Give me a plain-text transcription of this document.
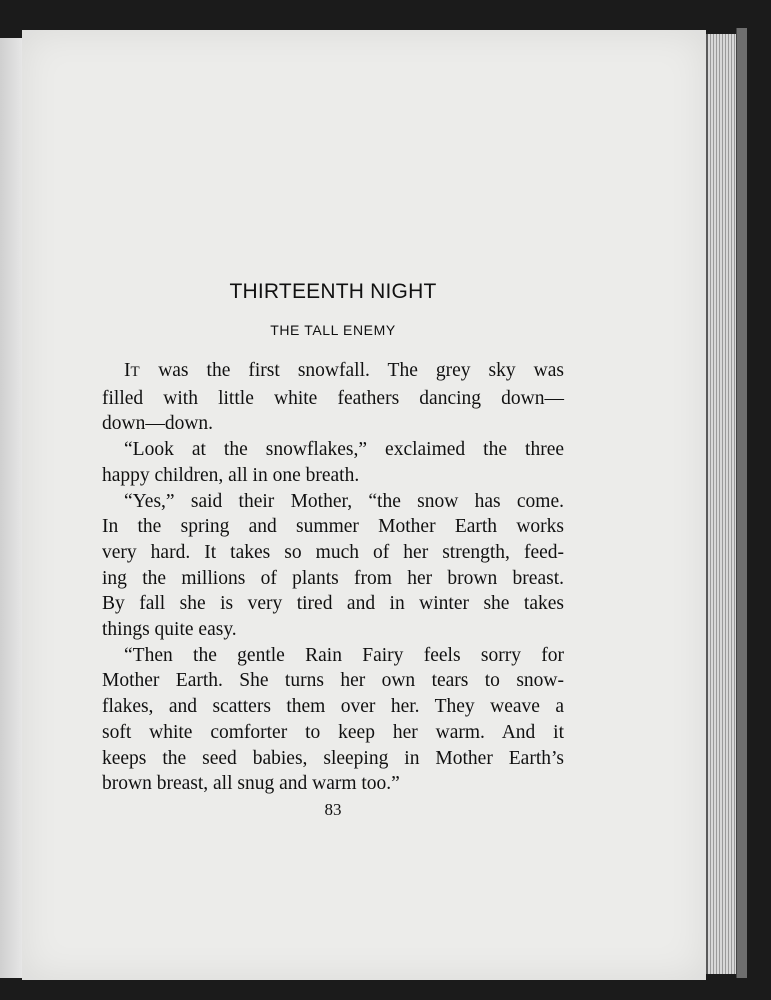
THIRTEENTH NIGHT
THE TALL ENEMY
IT was the first snowfall. The grey sky was
filled with little white feathers dancing down—
down—down.
“Look at the snowflakes,” exclaimed the three
happy children, all in one breath.
“Yes,” said their Mother, “the snow has come.
In the spring and summer Mother Earth works
very hard. It takes so much of her strength, feed-
ing the millions of plants from her brown breast.
By fall she is very tired and in winter she takes
things quite easy.
“Then the gentle Rain Fairy feels sorry for
Mother Earth. She turns her own tears to snow-
flakes, and scatters them over her. They weave a
soft white comforter to keep her warm. And it
keeps the seed babies, sleeping in Mother Earth’s
brown breast, all snug and warm too.”
83
